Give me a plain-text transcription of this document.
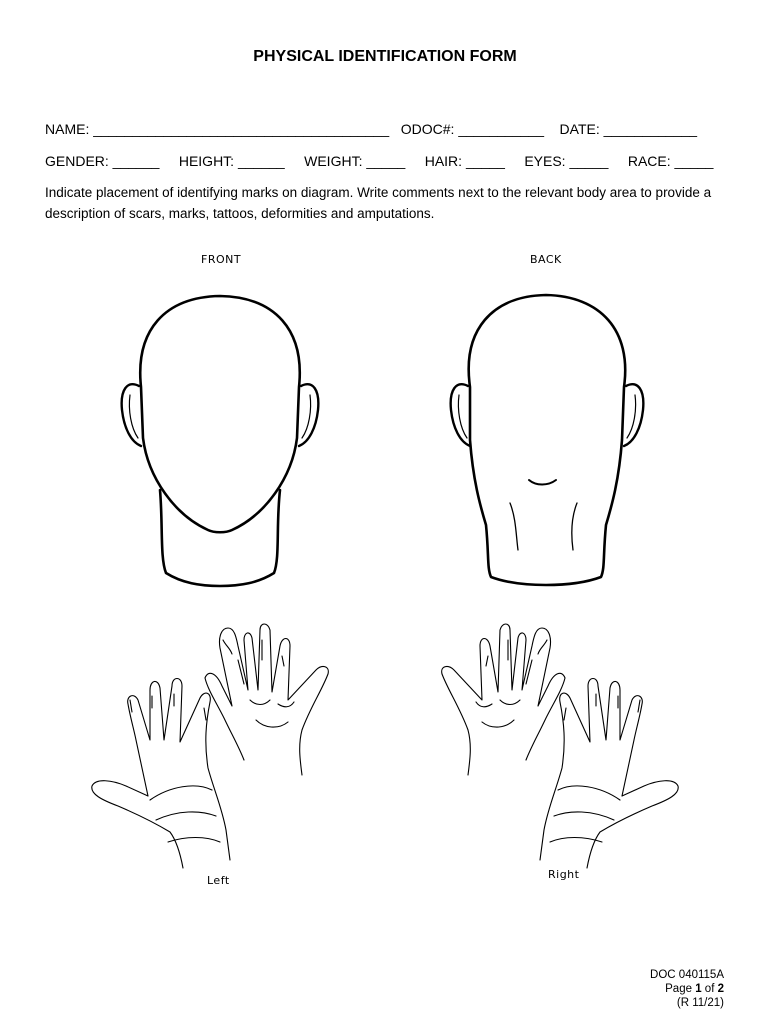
PHYSICAL IDENTIFICATION FORM
NAME: ______________________________________   ODOC#: ___________    DATE: ____________
GENDER: ______     HEIGHT: ______     WEIGHT: _____     HAIR: _____     EYES: _____     RACE: _____
Indicate placement of identifying marks on diagram. Write comments next to the relevant body area to provide a description of scars, marks, tattoos, deformities and amputations.
FRONT	BACK
Left	Right
DOC 040115A
Page 1 of 2
(R 11/21)
